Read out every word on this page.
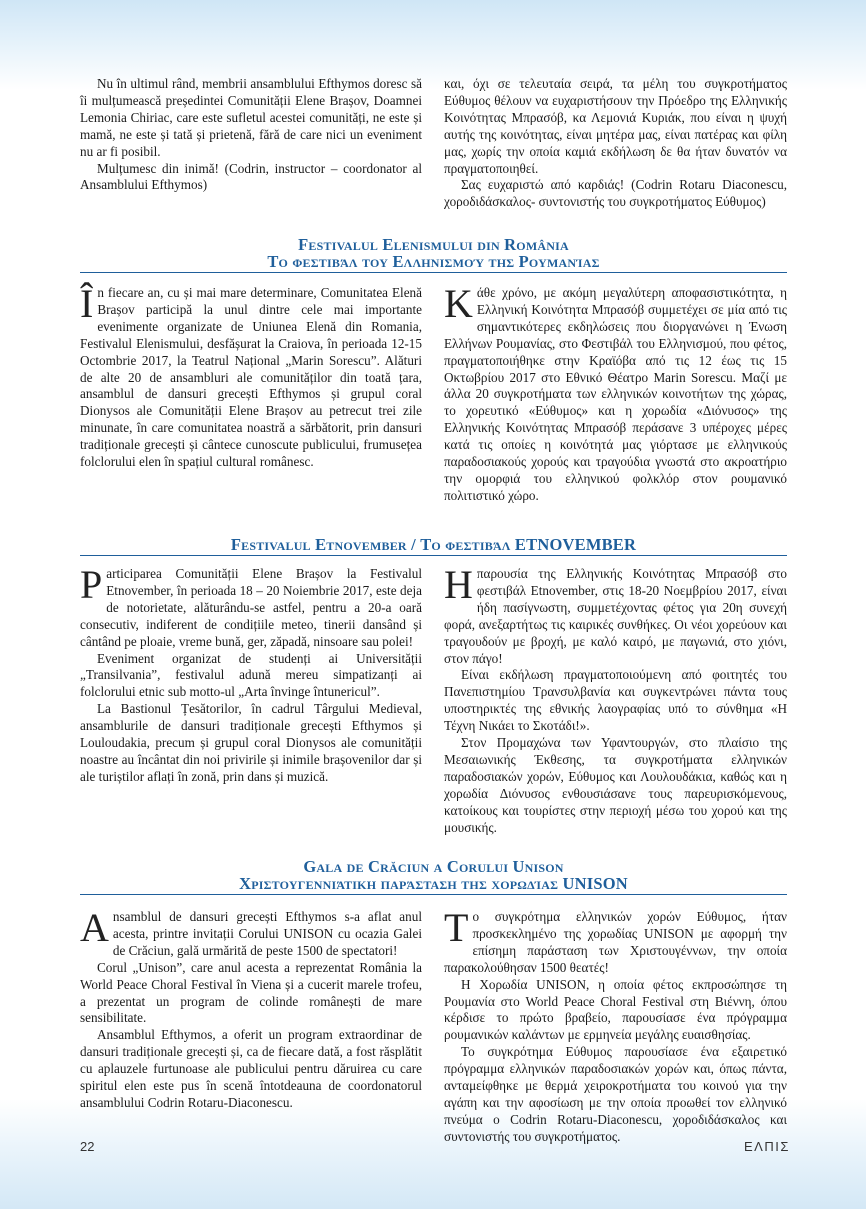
Nu în ultimul rând, membrii ansamblului Efthymos doresc să îi mulțumească președintei Comunității Elene Brașov, Doamnei Lemonia Chiriac, care este sufletul acestei comunități, ne este și mamă, ne este și tată și prietenă, fără de care nici un eveniment nu ar fi posibil.

Mulțumesc din inimă! (Codrin, instructor – coordonator al Ansamblului Efthymos)

και, όχι σε τελευταία σειρά, τα μέλη του συγκροτήματος Εύθυμος θέλουν να ευχαριστήσουν την Πρόεδρο της Ελληνικής Κοινότητας Μπρασόβ, κα Λεμονιά Κυριάκ, που είναι η ψυχή αυτής της κοινότητας, είναι μητέρα μας, είναι πατέρας και φίλη μας, χωρίς την οποία καμιά εκδήλωση δε θα ήταν δυνατόν να πραγματοποιηθεί.

Σας ευχαριστώ από καρδιάς! (Codrin Rotaru Diaconescu, χοροδιδάσκαλος- συντονιστής του συγκροτήματος Εύθυμος)

Festivalul Elenismului din România
Το φεστιβάλ του Ελληνισμού της Ρουμανίας

În fiecare an, cu și mai mare determinare, Comunitatea Elenă Brașov participă la unul dintre cele mai importante evenimente organizate de Uniunea Elenă din Romania, Festivalul Elenismului, desfășurat la Craiova, în perioada 12-15 Octombrie 2017, la Teatrul Național „Marin Sorescu”. Alături de alte 20 de ansambluri ale comunităților din toată țara, ansamblul de dansuri grecești Efthymos și grupul coral Dionysos ale Comunității Elene Brașov au petrecut trei zile minunate, în care comunitatea noastră a sărbătorit, prin dansuri tradiționale grecești și cântece cunoscute publicului, frumusețea folclorului elen în spațiul cultural românesc.

Κάθε χρόνο, με ακόμη μεγαλύτερη αποφασιστικότητα, η Ελληνική Κοινότητα Μπρασόβ συμμετέχει σε μία από τις σημαντικότερες εκδηλώσεις που διοργανώνει η Ένωση Ελλήνων Ρουμανίας, στο Φεστιβάλ του Ελληνισμού, που φέτος, πραγματοποιήθηκε στην Κραϊόβα από τις 12 έως τις 15 Οκτωβρίου 2017 στο Εθνικό Θέατρο Marin Sorescu. Μαζί με άλλα 20 συγκροτήματα των ελληνικών κοινοτήτων της χώρας, το χορευτικό «Εύθυμος» και η χορωδία «Διόνυσος» της Ελληνικής Κοινότητας Μπρασόβ περάσανε 3 υπέροχες μέρες κατά τις οποίες η κοινότητά μας γιόρτασε με ελληνικούς παραδοσιακούς χορούς και τραγούδια γνωστά στο ακροατήριο την ομορφιά του ελληνικού φολκλόρ στον ρουμανικό πολιτιστικό χώρο.

Festivalul Etnovember / Το φεστιβάλ ETNOVEMBER

Participarea Comunității Elene Brașov la Festivalul Etnovember, în perioada 18 – 20 Noiembrie 2017, este deja de notorietate, alăturându-se astfel, pentru a 20-a oară consecutiv, indiferent de condițiile meteo, tinerii dansând și cântând pe ploaie, vreme bună, ger, zăpadă, ninsoare sau polei!

Eveniment organizat de studenți ai Universității „Transilvania”, festivalul adună mereu simpatizanți ai folclorului etnic sub motto-ul „Arta învinge întunericul”.

La Bastionul Țesătorilor, în cadrul Târgului Medieval, ansamblurile de dansuri tradiționale grecești Efthymos și Louloudakia, precum și grupul coral Dionysos ale comunității noastre au încântat din noi privirile și inimile brașovenilor dar și ale turiștilor aflați în zonă, prin dans și muzică.

Ηπαρουσία της Ελληνικής Κοινότητας Μπρασόβ στο φεστιβάλ Etnovember, στις 18-20 Νοεμβρίου 2017, είναι ήδη πασίγνωστη, συμμετέχοντας φέτος για 20η συνεχή φορά, ανεξαρτήτως τις καιρικές συνθήκες. Οι νέοι χορεύουν και τραγουδούν με βροχή, με καλό καιρό, με παγωνιά, στο χιόνι, στον πάγο!

Είναι εκδήλωση πραγματοποιούμενη από φοιτητές του Πανεπιστημίου Τρανσυλβανία και συγκεντρώνει πάντα τους υποστηρικτές της εθνικής λαογραφίας υπό το σύνθημα «Η Τέχνη Νικάει το Σκοτάδι!».

Στον Προμαχώνα των Υφαντουργών, στο πλαίσιο της Μεσαιωνικής Έκθεσης, τα συγκροτήματα ελληνικών παραδοσιακών χορών, Εύθυμος και Λουλουδάκια, καθώς και η χορωδία Διόνυσος ενθουσιάσανε τους παρευρισκόμενους, κατοίκους και τουρίστες στην περιοχή μέσω του χορού και της μουσικής.

Gala de Crăciun a Corului Unison
Χριστουγεννιάτικη παράσταση της χορωδίας UNISON

Ansamblul de dansuri grecești Efthymos s-a aflat anul acesta, printre invitații Corului UNISON cu ocazia Galei de Crăciun, gală urmărită de peste 1500 de spectatori!

Corul „Unison”, care anul acesta a reprezentat România la World Peace Choral Festival în Viena și a cucerit marele trofeu, a prezentat un program de colinde românești de mare sensibilitate.

Ansamblul Efthymos, a oferit un program extraordinar de dansuri tradiționale grecești și, ca de fiecare dată, a fost răsplătit cu aplauzele furtunoase ale publicului pentru dăruirea cu care spiritul elen este pus în scenă întotdeauna de coordonatorul ansamblului Codrin Rotaru-Diaconescu.

Το συγκρότημα ελληνικών χορών Εύθυμος, ήταν προσκεκλημένο της χορωδίας UNISON με αφορμή την επίσημη παράσταση των Χριστουγέννων, την οποία παρακολούθησαν 1500 θεατές!

Η Χορωδία UNISON, η οποία φέτος εκπροσώπησε τη Ρουμανία στο World Peace Choral Festival στη Βιέννη, όπου κέρδισε το πρώτο βραβείο, παρουσίασε ένα πρόγραμμα ρουμανικών καλάντων με ερμηνεία μεγάλης ευαισθησίας.

Το συγκρότημα Εύθυμος παρουσίασε ένα εξαιρετικό πρόγραμμα ελληνικών παραδοσιακών χορών και, όπως πάντα, ανταμείφθηκε με θερμά χειροκροτήματα του κοινού για την αγάπη και την αφοσίωση με την οποία προωθεί τον ελληνικό πνεύμα ο Codrin Rotaru-Diaconescu, χοροδιδάσκαλος και συντονιστής του συγκροτήματος.

22	ΕΛΠΙΣ
